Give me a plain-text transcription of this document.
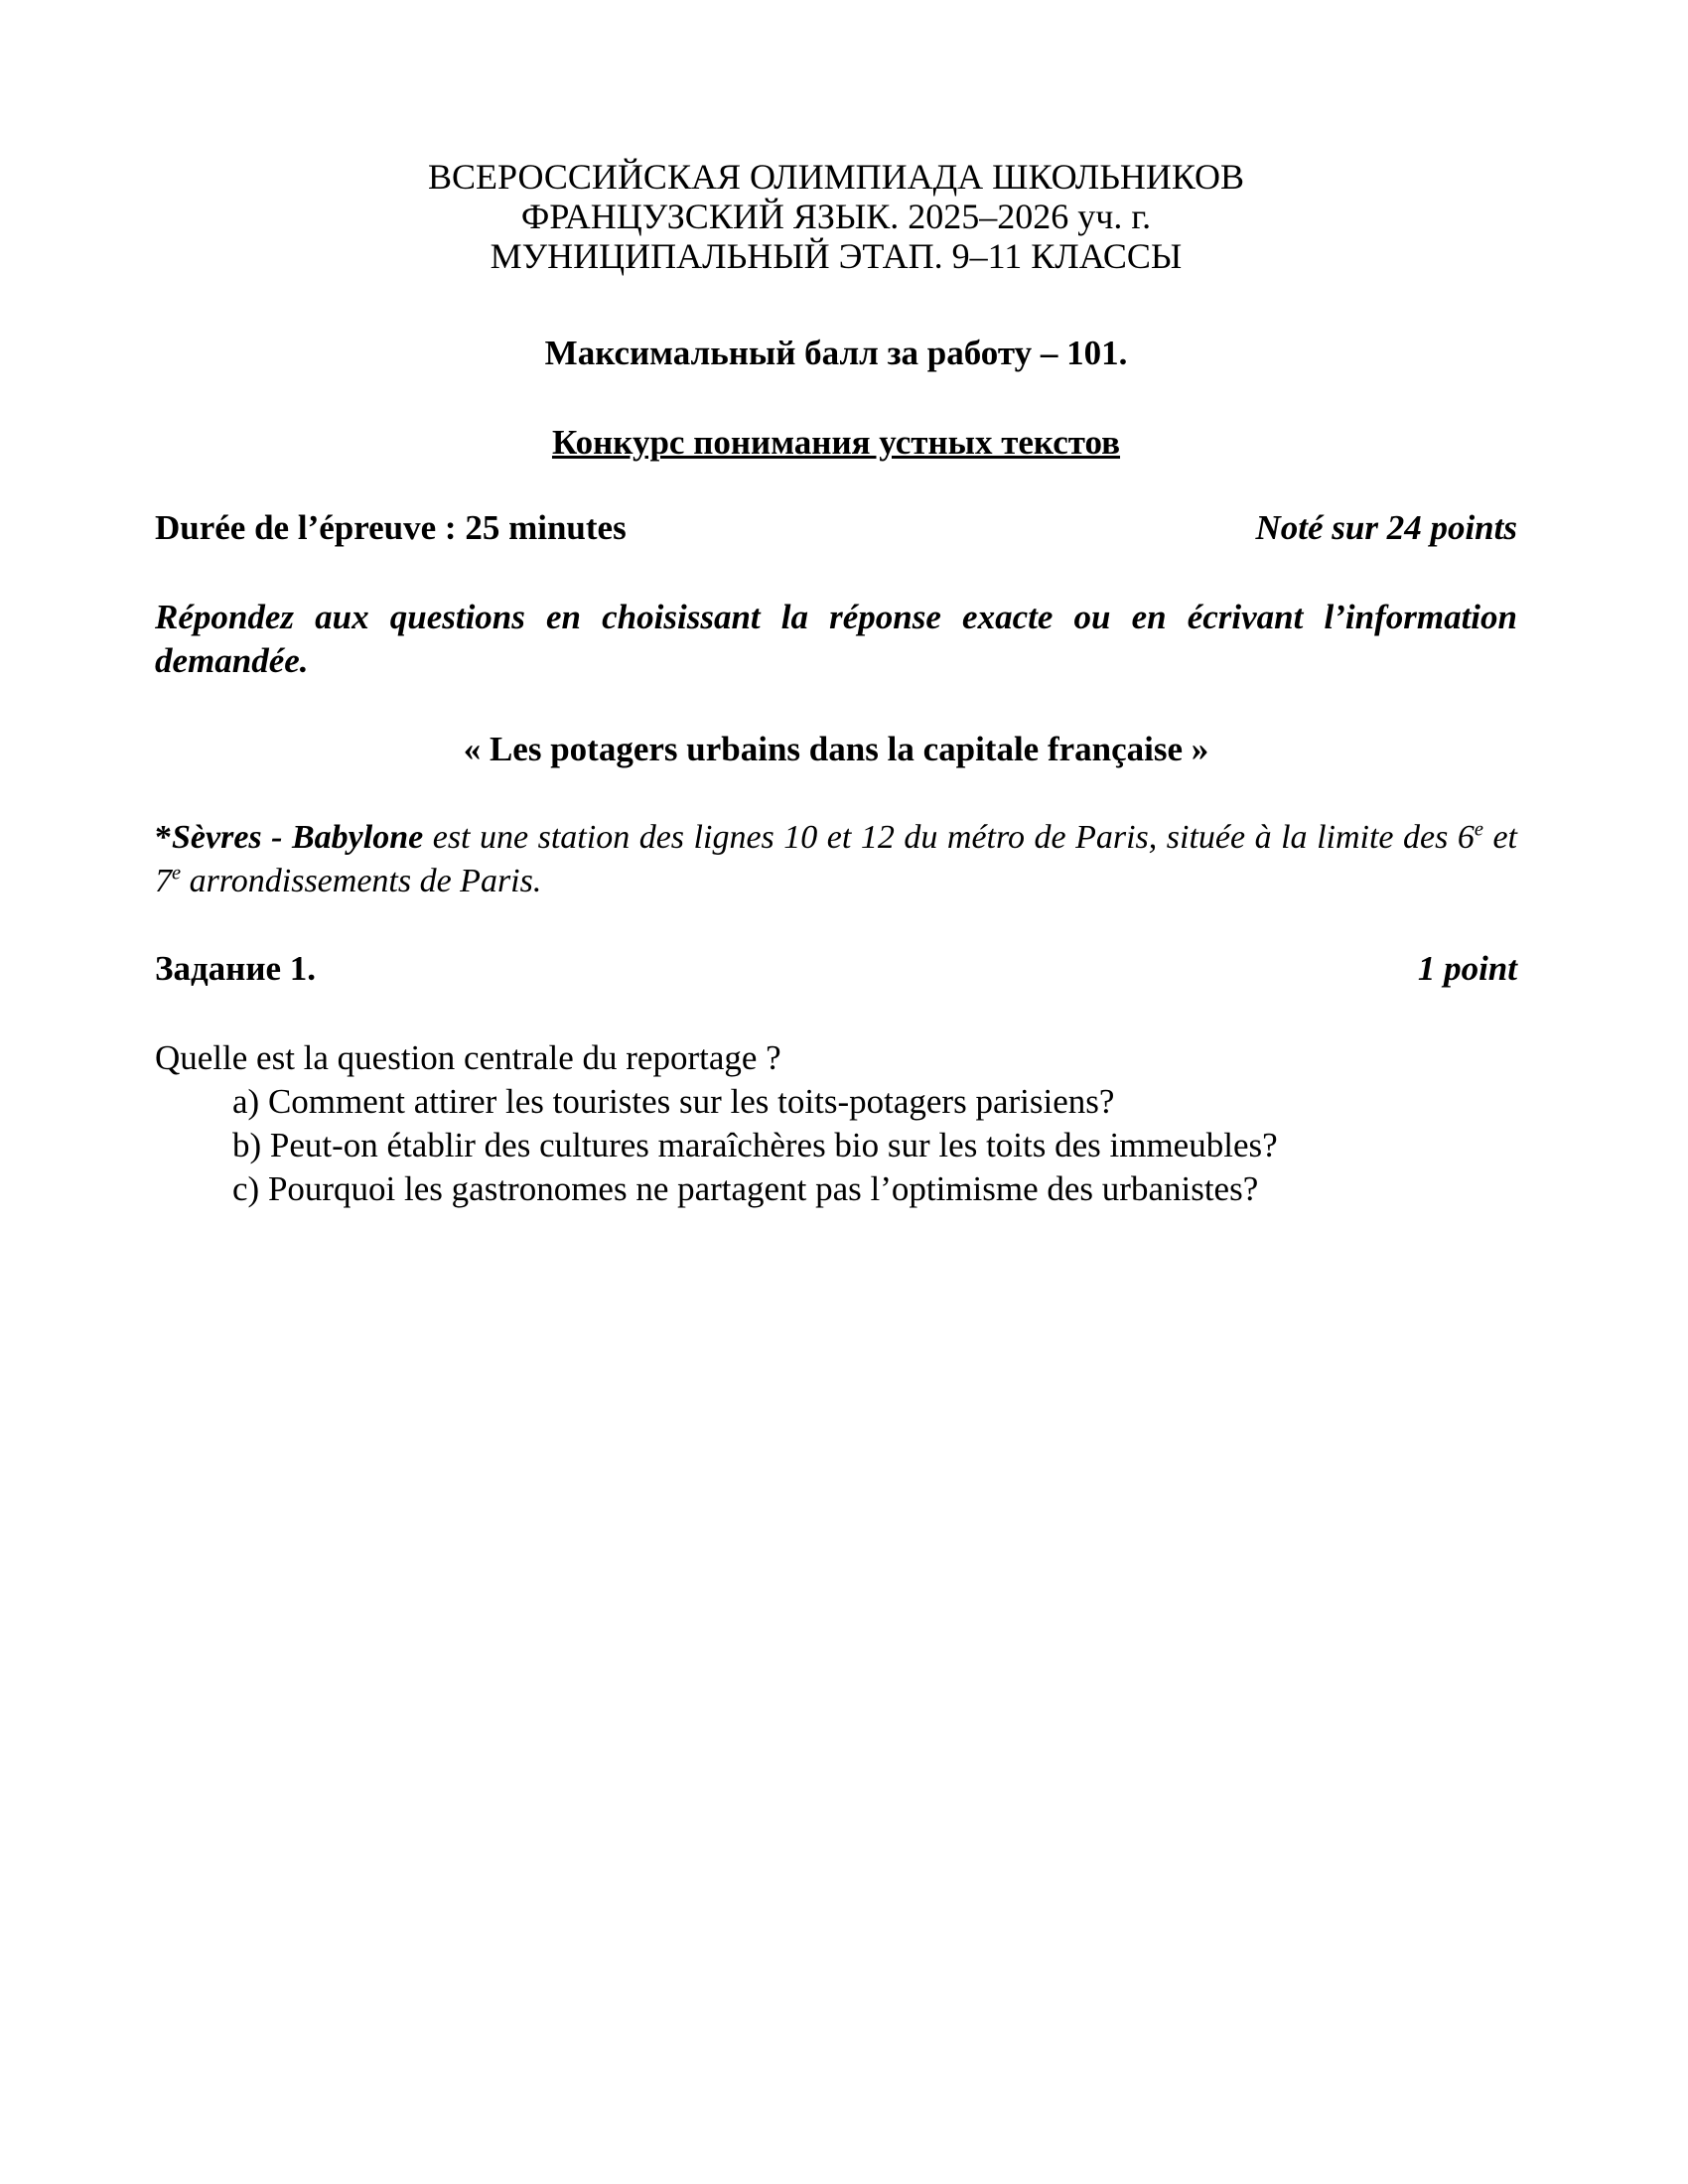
ВСЕРОССИЙСКАЯ ОЛИМПИАДА ШКОЛЬНИКОВ
ФРАНЦУЗСКИЙ ЯЗЫК. 2025–2026 уч. г.
МУНИЦИПАЛЬНЫЙ ЭТАП. 9–11 КЛАССЫ
Максимальный балл за работу – 101.
Конкурс понимания устных текстов
Durée de l’épreuve : 25 minutes	Noté sur 24 points
Répondez aux questions en choisissant la réponse exacte ou en écrivant l’information demandée.
« Les potagers urbains dans la capitale française »
*Sèvres - Babylone est une station des lignes 10 et 12 du métro de Paris, située à la limite des 6e et 7e arrondissements de Paris.
Задание 1.	1 point
Quelle est la question centrale du reportage ?
a) Comment attirer les touristes sur les toits-potagers parisiens?
b) Peut-on établir des cultures maraîchères bio sur les toits des immeubles?
c) Pourquoi les gastronomes ne partagent pas l’optimisme des urbanistes?
